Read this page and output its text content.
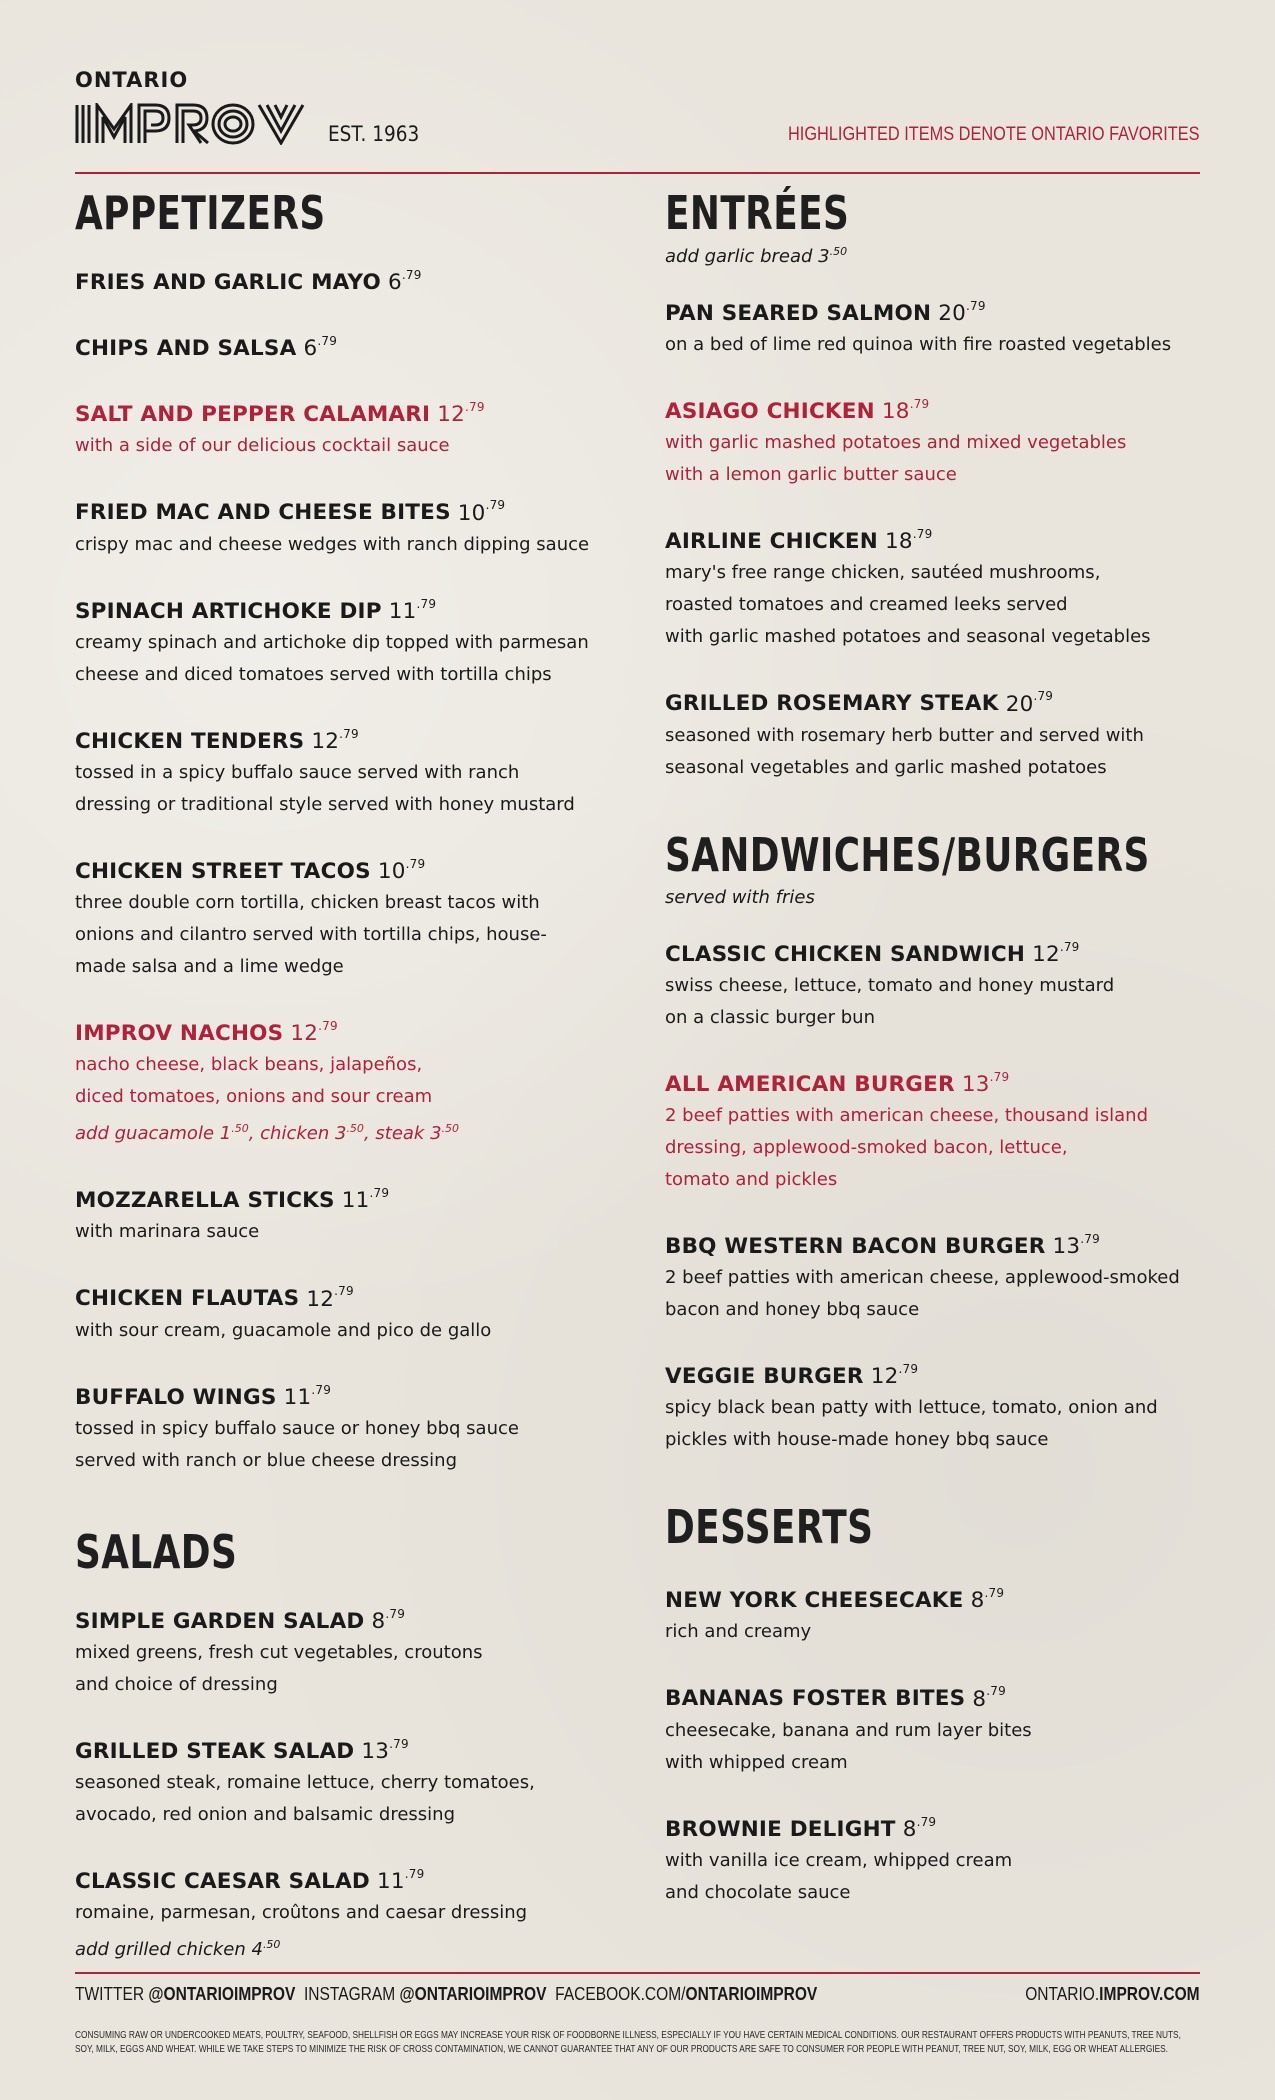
ONTARIO
EST. 1963	HIGHLIGHTED ITEMS DENOTE ONTARIO FAVORITES
APPETIZERS
FRIES AND GARLIC MAYO $6^{.79}$
CHIPS AND SALSA $6^{.79}$
SALT AND PEPPER CALAMARI $12^{.79}$
with a side of our delicious cocktail sauce
FRIED MAC AND CHEESE BITES $10^{.79}$
crispy mac and cheese wedges with ranch dipping sauce
SPINACH ARTICHOKE DIP $11^{.79}$
creamy spinach and artichoke dip topped with parmesan
cheese and diced tomatoes served with tortilla chips
CHICKEN TENDERS $12^{.79}$
tossed in a spicy buffalo sauce served with ranch
dressing or traditional style served with honey mustard
CHICKEN STREET TACOS $10^{.79}$
three double corn tortilla, chicken breast tacos with
onions and cilantro served with tortilla chips, house-
made salsa and a lime wedge
IMPROV NACHOS $12^{.79}$
nacho cheese, black beans, jalapeños,
diced tomatoes, onions and sour cream
add guacamole $1^{.50}$, chicken $3^{.50}$, steak $3^{.50}$
MOZZARELLA STICKS $11^{.79}$
with marinara sauce
CHICKEN FLAUTAS $12^{.79}$
with sour cream, guacamole and pico de gallo
BUFFALO WINGS $11^{.79}$
tossed in spicy buffalo sauce or honey bbq sauce
served with ranch or blue cheese dressing
SALADS
SIMPLE GARDEN SALAD $8^{.79}$
mixed greens, fresh cut vegetables, croutons
and choice of dressing
GRILLED STEAK SALAD $13^{.79}$
seasoned steak, romaine lettuce, cherry tomatoes,
avocado, red onion and balsamic dressing
CLASSIC CAESAR SALAD $11^{.79}$
romaine, parmesan, croûtons and caesar dressing
add grilled chicken $4^{.50}$
ENTRÉES
add garlic bread $3^{.50}$
PAN SEARED SALMON $20^{.79}$
on a bed of lime red quinoa with fire roasted vegetables
ASIAGO CHICKEN $18^{.79}$
with garlic mashed potatoes and mixed vegetables
with a lemon garlic butter sauce
AIRLINE CHICKEN $18^{.79}$
mary's free range chicken, sautéed mushrooms,
roasted tomatoes and creamed leeks served
with garlic mashed potatoes and seasonal vegetables
GRILLED ROSEMARY STEAK $20^{.79}$
seasoned with rosemary herb butter and served with
seasonal vegetables and garlic mashed potatoes
SANDWICHES/BURGERS
served with fries
CLASSIC CHICKEN SANDWICH $12^{.79}$
swiss cheese, lettuce, tomato and honey mustard
on a classic burger bun
ALL AMERICAN BURGER $13^{.79}$
2 beef patties with american cheese, thousand island
dressing, applewood-smoked bacon, lettuce,
tomato and pickles
BBQ WESTERN BACON BURGER $13^{.79}$
2 beef patties with american cheese, applewood-smoked
bacon and honey bbq sauce
VEGGIE BURGER $12^{.79}$
spicy black bean patty with lettuce, tomato, onion and
pickles with house-made honey bbq sauce
DESSERTS
NEW YORK CHEESECAKE $8^{.79}$
rich and creamy
BANANAS FOSTER BITES $8^{.79}$
cheesecake, banana and rum layer bites
with whipped cream
BROWNIE DELIGHT $8^{.79}$
with vanilla ice cream, whipped cream
and chocolate sauce
TWITTER @ONTARIOIMPROV INSTAGRAM @ONTARIOIMPROV FACEBOOK.COM/ONTARIOIMPROV	ONTARIO.IMPROV.COM
CONSUMING RAW OR UNDERCOOKED MEATS, POULTRY, SEAFOOD, SHELLFISH OR EGGS MAY INCREASE YOUR RISK OF FOODBORNE ILLNESS, ESPECIALLY IF YOU HAVE CERTAIN MEDICAL CONDITIONS. OUR RESTAURANT OFFERS PRODUCTS WITH PEANUTS, TREE NUTS,
SOY, MILK, EGGS AND WHEAT. WHILE WE TAKE STEPS TO MINIMIZE THE RISK OF CROSS CONTAMINATION, WE CANNOT GUARANTEE THAT ANY OF OUR PRODUCTS ARE SAFE TO CONSUMER FOR PEOPLE WITH PEANUT, TREE NUT, SOY, MILK, EGG OR WHEAT ALLERGIES.
